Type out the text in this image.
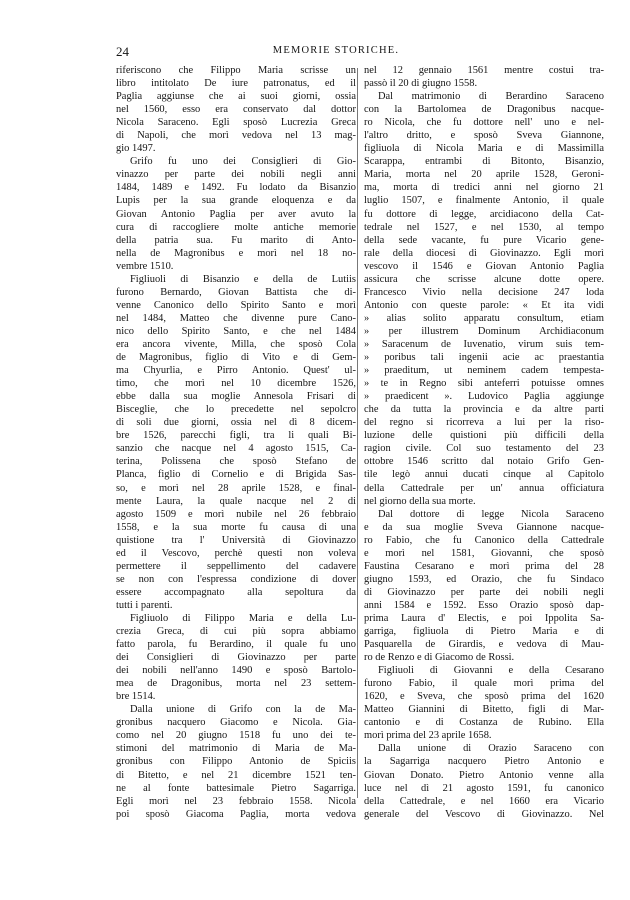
24	MEMORIE STORICHE.
riferiscono che Filippo Maria scrisse un
libro intitolato De iure patronatus, ed il
Paglia aggiunse che ai suoi giorni, ossia
nel 1560, esso era conservato dal dottor
Nicola Saraceno. Egli sposò Lucrezia Greca
di Napoli, che morì vedova nel 13 mag-
gio 1497.
Grifo fu uno dei Consiglieri di Gio-
vinazzo per parte dei nobili negli anni
1484, 1489 e 1492. Fu lodato da Bisanzio
Lupis per la sua grande eloquenza e da
Giovan Antonio Paglia per aver avuto la
cura di raccogliere molte antiche memorie
della patria sua. Fu marito di Anto-
nella de Magronibus e morì nel 18 no-
vembre 1510.
Figliuoli di Bisanzio e della de Lutiis
furono Bernardo, Giovan Battista che di-
venne Canonico dello Spirito Santo e morì
nel 1484, Matteo che divenne pure Cano-
nico dello Spirito Santo, e che nel 1484
era ancora vivente, Milla, che sposò Cola
de Magronibus, figlio di Vito e di Gem-
ma Chyurlia, e Pirro Antonio. Quest' ul-
timo, che morì nel 10 dicembre 1526,
ebbe dalla sua moglie Annesola Frisari di
Bisceglie, che lo precedette nel sepolcro
di soli due giorni, ossia nel dì 8 dicem-
bre 1526, parecchi figli, tra li quali Bi-
sanzio che nacque nel 4 agosto 1515, Ca-
terina, Polissena che sposò Stefano de
Planca, figlio di Cornelio e di Brigida Sas-
so, e morì nel 28 aprile 1528, e final-
mente Laura, la quale nacque nel 2 di
agosto 1509 e morì nubile nel 26 febbraio
1558, e la sua morte fu causa di una
quistione tra l' Università di Giovinazzo
ed il Vescovo, perchè questi non voleva
permettere il seppellimento del cadavere
se non con l'espressa condizione di dover
essere accompagnato alla sepoltura da
tutti i parenti.
Figliuolo di Filippo Maria e della Lu-
crezia Greca, di cui più sopra abbiamo
fatto parola, fu Berardino, il quale fu uno
dei Consiglieri di Giovinazzo per parte
dei nobili nell'anno 1490 e sposò Bartolo-
mea de Dragonibus, morta nel 23 settem-
bre 1514.
Dalla unione di Grifo con la de Ma-
gronibus nacquero Giacomo e Nicola. Gia-
como nel 20 giugno 1518 fu uno dei te-
stimoni del matrimonio di Maria de Ma-
gronibus con Filippo Antonio de Spiciis
di Bitetto, e nel 21 dicembre 1521 ten-
ne al fonte battesimale Pietro Sagarriga.
Egli morì nel 23 febbraio 1558. Nicola
poi sposò Giacoma Paglia, morta vedova
nel 12 gennaio 1561 mentre costui tra-
passò il 20 di giugno 1558.
Dal matrimonio di Berardino Saraceno
con la Bartolomea de Dragonibus nacque-
ro Nicola, che fu dottore nell' uno e nel-
l'altro dritto, e sposò Sveva Giannone,
figliuola di Nicola Maria e di Massimilla
Scarappa, entrambi di Bitonto, Bisanzio,
Maria, morta nel 20 aprile 1528, Geroni-
ma, morta di tredici anni nel giorno 21
luglio 1507, e finalmente Antonio, il quale
fu dottore di legge, arcidiacono della Cat-
tedrale nel 1527, e nel 1530, al tempo
della sede vacante, fu pure Vicario gene-
rale della diocesi di Giovinazzo. Egli morì
vescovo il 1546 e Giovan Antonio Paglia
assicura che scrisse alcune dotte opere.
Francesco Vivio nella decisione 247 loda
Antonio con queste parole: « Et ita vidi
» alias solito apparatu consultum, etiam
» per illustrem Dominum Archidiaconum
» Saracenum de Iuvenatio, virum suis tem-
» poribus tali ingenii acie ac praestantia
» praeditum, ut neminem cadem tempesta-
» te in Regno sibi anteferri potuisse omnes
» praedicent ». Ludovico Paglia aggiunge
che da tutta la provincia e da altre parti
del regno si ricorreva a lui per la riso-
luzione delle quistioni più difficili della
ragion civile. Col suo testamento del 23
ottobre 1546 scritto dal notaio Grifo Gen-
tile legò annui ducati cinque al Capitolo
della Cattedrale per un' annua officiatura
nel giorno della sua morte.
Dal dottore di legge Nicola Saraceno
e da sua moglie Sveva Giannone nacque-
ro Fabio, che fu Canonico della Cattedrale
e morì nel 1581, Giovanni, che sposò
Faustina Cesarano e morì prima del 28
giugno 1593, ed Orazio, che fu Sindaco
di Giovinazzo per parte dei nobili negli
anni 1584 e 1592. Esso Orazio sposò dap-
prima Laura d' Electis, e poi Ippolita Sa-
garriga, figliuola di Pietro Maria e di
Pasquarella de Girardis, e vedova di Mau-
ro de Renzo e di Giacomo de Rossi.
Figliuoli di Giovanni e della Cesarano
furono Fabio, il quale morì prima del
1620, e Sveva, che sposò prima del 1620
Matteo Giannini di Bitetto, figli di Mar-
cantonio e di Costanza de Rubino. Ella
morì prima del 23 aprile 1658.
Dalla unione di Orazio Saraceno con
la Sagarriga nacquero Pietro Antonio e
Giovan Donato. Pietro Antonio venne alla
luce nel dì 21 agosto 1591, fu canonico
della Cattedrale, e nel 1660 era Vicario
generale del Vescovo di Giovinazzo. Nel
